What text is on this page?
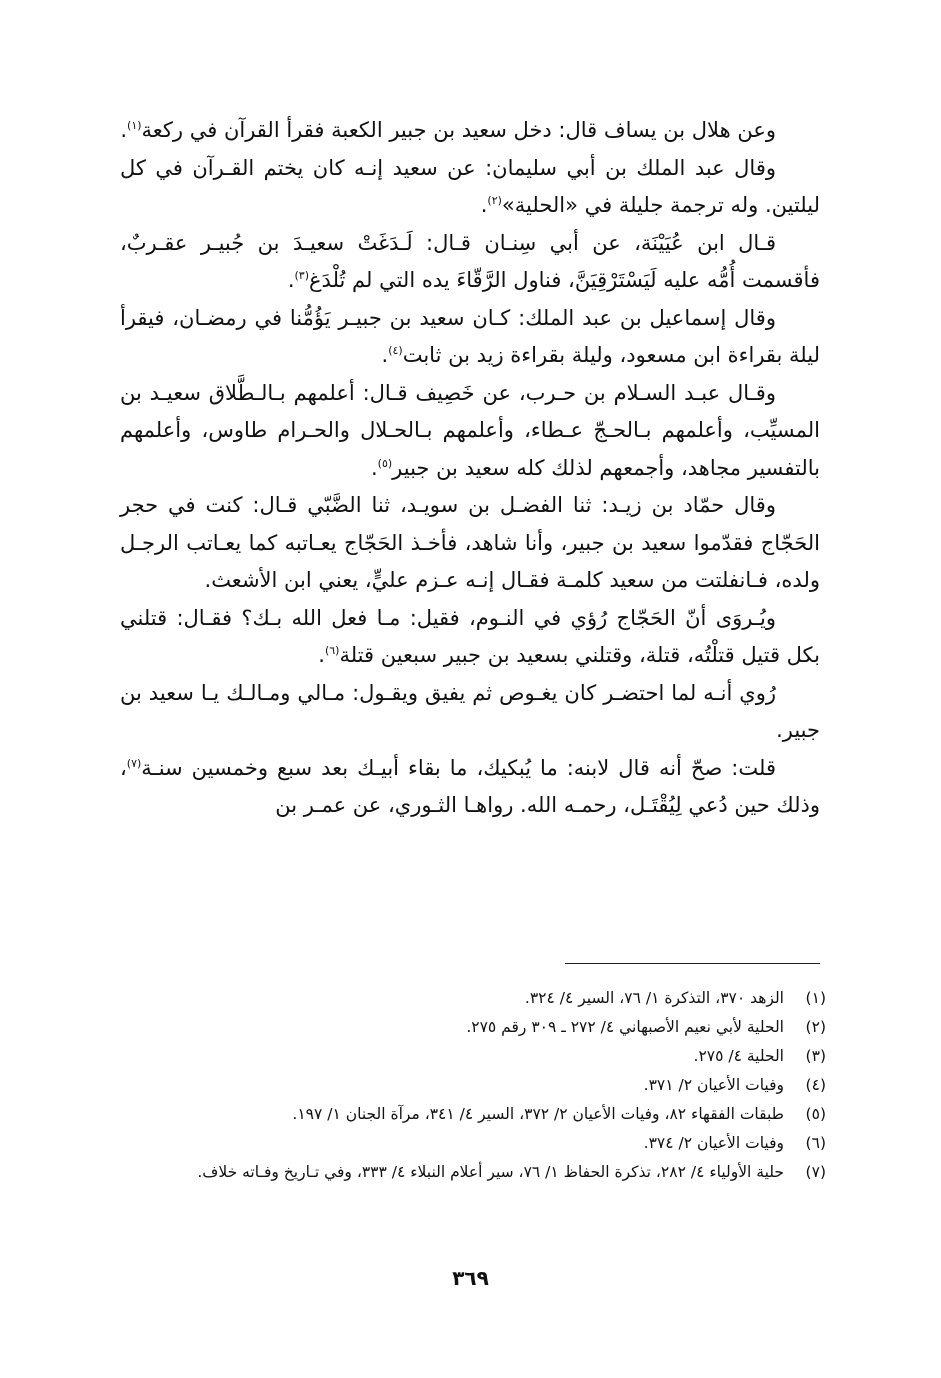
وعن هلال بن يساف قال: دخل سعيد بن جبير الكعبة فقرأ القرآن في ركعة$^{(١)}$.

وقال عبد الملك بن أبي سليمان: عن سعيد إنـه كان يختم القـرآن في كل ليلتين. وله ترجمة جليلة في «الحلية»$^{(٢)}$.

قـال ابن عُيَيْنَة، عن أبي سِنـان قـال: لَـدَغَتْ سعيـدَ بن جُبيـر عقـربٌ، فأقسمت أُمُّه عليه لَيَسْتَرْقِيَنَّ، فناول الرَّقّاءَ يده التي لم تُلْدَغ$^{(٣)}$.

وقال إسماعيل بن عبد الملك: كـان سعيد بن جبيـر يَؤُمُّنا في رمضـان، فيقرأ ليلة بقراءة ابن مسعود، وليلة بقراءة زيد بن ثابت$^{(٤)}$.

وقـال عبـد السـلام بن حـرب، عن خَصِيف قـال: أعلمهم بـالـطَّلاق سعيـد بن المسيِّب، وأعلمهم بـالحـجّ عـطاء، وأعلمهم بـالحـلال والحـرام طاوس، وأعلمهم بالتفسير مجاهد، وأجمعهم لذلك كله سعيد بن جبير$^{(٥)}$.

وقال حمّاد بن زيـد: ثنا الفضـل بن سويـد، ثنا الضَّبّي قـال: كنت في حجر الحَجّاج فقدّموا سعيد بن جبير، وأنا شاهد، فأخـذ الحَجّاج يعـاتبه كما يعـاتب الرجـل ولده، فـانفلتت من سعيد كلمـة فقـال إنـه عـزم عليٍّ، يعني ابن الأشعث.

ويُـروَى أنّ الحَجّاج رُؤي في النـوم، فقيل: مـا فعل الله بـك؟ فقـال: قتلني بكل قتيل قتلْتُه، قتلة، وقتلني بسعيد بن جبير سبعين قتلة$^{(٦)}$.

رُوي أنـه لما احتضـر كان يغـوص ثم يفيق ويقـول: مـالي ومـالـك يـا سعيد بن جبير.

قلت: صحّ أنه قال لابنه: ما يُبكيك، ما بقاء أبيـك بعد سبع وخمسين سنـة$^{(٧)}$، وذلك حين دُعي لِيُقْتَـل، رحمـه الله. رواهـا الثـوري، عن عمـر بن

(١)
الزهد ٣٧٠، التذكرة ١/ ٧٦، السير ٤/ ٣٢٤.
(٢)
الحلية لأبي نعيم الأصبهاني ٤/ ٢٧٢ ـ ٣٠٩ رقم ٢٧٥.
(٣)
الحلية ٤/ ٢٧٥.
(٤)
وفيات الأعيان ٢/ ٣٧١.
(٥)
طبقات الفقهاء ٨٢، وفيات الأعيان ٢/ ٣٧٢، السير ٤/ ٣٤١، مرآة الجنان ١/ ١٩٧.
(٦)
وفيات الأعيان ٢/ ٣٧٤.
(٧)
حلية الأولياء ٤/ ٢٨٢، تذكرة الحفاظ ١/ ٧٦، سير أعلام النبلاء ٤/ ٣٣٣، وفي تـاريخ وفـاته خلاف.
٣٦٩
